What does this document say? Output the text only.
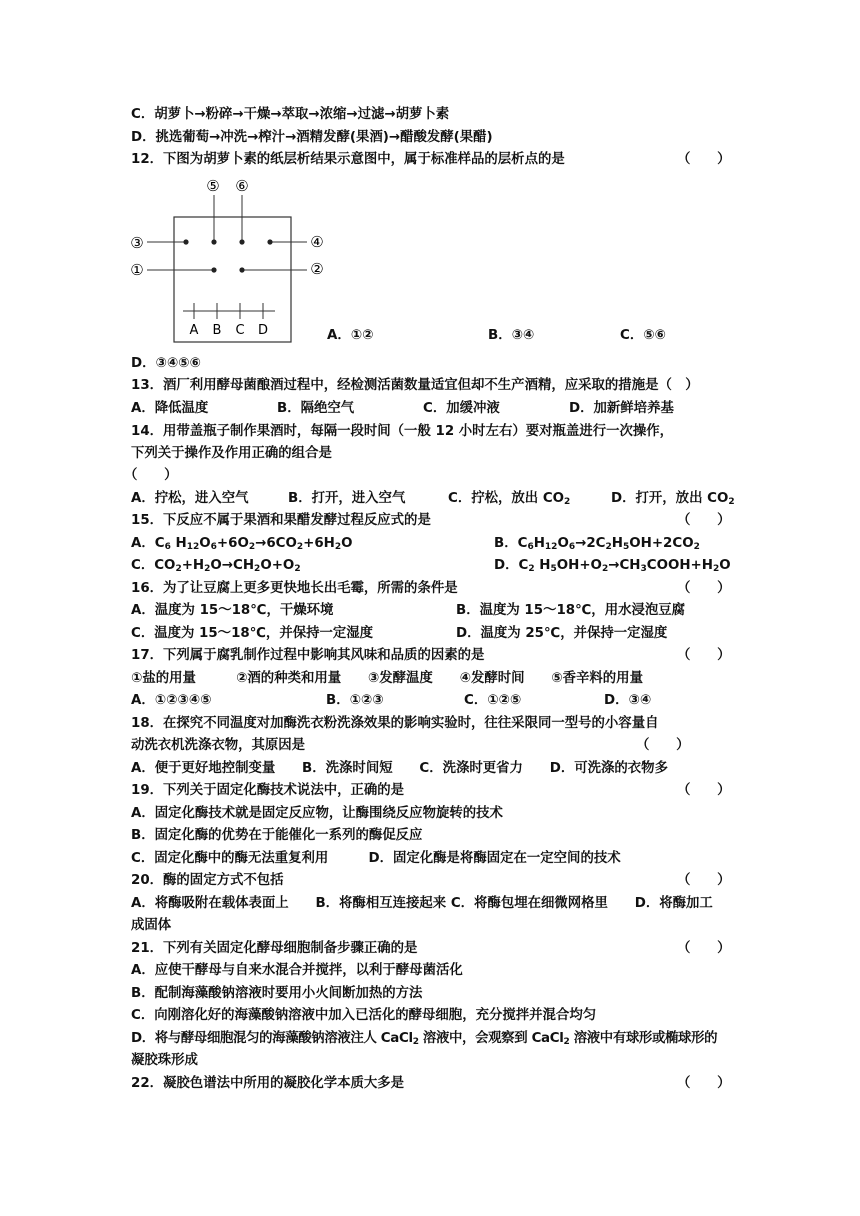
C．胡萝卜→粉碎→干燥→萃取→浓缩→过滤→胡萝卜素
D．挑选葡萄→冲洗→榨汁→酒精发酵(果酒)→醋酸发酵(果醋)
12．下图为胡萝卜素的纸层析结果示意图中，属于标准样品的层析点的是	（　　）
⑤ ⑥
③	④
①	②
A B C D	A．①②	B．③④	C．⑤⑥
D．③④⑤⑥
13．酒厂利用酵母菌酿酒过程中，经检测活菌数量适宜但却不生产酒精，应采取的措施是（　）
A．降低温度	B．隔绝空气	C．加缓冲液	D．加新鲜培养基
14．用带盖瓶子制作果酒时，每隔一段时间（一般 12 小时左右）要对瓶盖进行一次操作，
下列关于操作及作用正确的组合是
（　　）
A．拧松，进入空气	B．打开，进入空气	C．拧松，放出 $CO_2$	D．打开，放出 $CO_2$
15．下反应不属于果酒和果醋发酵过程反应式的是	（　　）
A．$C_6$ $H_{12}O_6+6O_2\to 6CO_2+6H_2O$	B．$C_6H_{12}O_6\to 2C_2H_5OH+2CO_2$
C．$CO_2+H_2O\to CH_2O+O_2$	D．$C_2$ $H_5OH+O_2\to CH_3COOH+H_2O$
16．为了让豆腐上更多更快地长出毛霉，所需的条件是	（　　）
A．温度为 15～18℃，干燥环境	B．温度为 15～18℃，用水浸泡豆腐
C．温度为 15～18℃，并保持一定湿度	D．温度为 25℃，并保持一定湿度
17．下列属于腐乳制作过程中影响其风味和品质的因素的是	（　　）
①盐的用量　　　②酒的种类和用量　　③发酵温度　　④发酵时间　　⑤香辛料的用量
A．①②③④⑤	B．①②③	C．①②⑤	D．③④
18．在探究不同温度对加酶洗衣粉洗涤效果的影响实验时，往往采限同一型号的小容量自
动洗衣机洗涤衣物，其原因是	（　　）
A．便于更好地控制变量　　B．洗涤时间短　　C．洗涤时更省力　　D．可洗涤的衣物多
19．下列关于固定化酶技术说法中，正确的是	（　　）
A．固定化酶技术就是固定反应物，让酶围绕反应物旋转的技术
B．固定化酶的优势在于能催化一系列的酶促反应
C．固定化酶中的酶无法重复利用　　　D．固定化酶是将酶固定在一定空间的技术
20．酶的固定方式不包括	（　　）
A．将酶吸附在载体表面上　　B．将酶相互连接起来 C．将酶包埋在细微网格里　　D．将酶加工
成固体
21．下列有关固定化酵母细胞制备步骤正确的是	（　　）
A．应使干酵母与自来水混合并搅拌，以利于酵母菌活化
B．配制海藻酸钠溶液时要用小火间断加热的方法
C．向刚溶化好的海藻酸钠溶液中加入已活化的酵母细胞，充分搅拌并混合均匀
D．将与酵母细胞混匀的海藻酸钠溶液注人 CaCl$_2$ 溶液中，会观察到 CaCl$_2$ 溶液中有球形或椭球形的
凝胶珠形成
22．凝胶色谱法中所用的凝胶化学本质大多是	（　　）
